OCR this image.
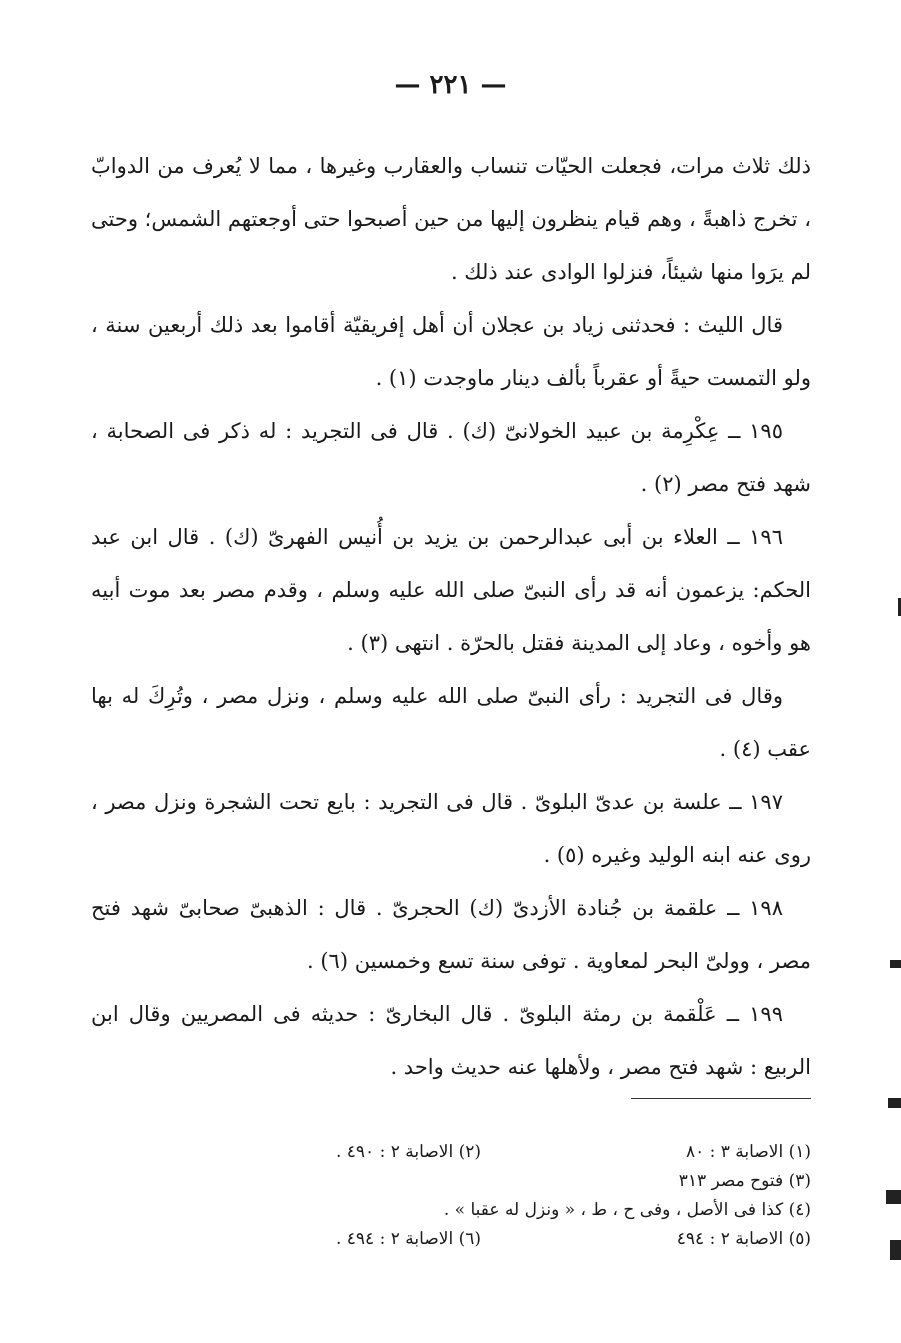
— ٢٢١ —

ذلك ثلاث مرات، فجعلت الحيّات تنساب والعقارب وغيرها ، مما لا يُعرف من الدوابّ ، تخرج ذاهبةً ، وهم قيام ينظرون إليها من حين أصبحوا حتى أوجعتهم الشمس؛ وحتى لم يرَوا منها شيئاً، فنزلوا الوادى عند ذلك .

قال الليث : فحدثنى زياد بن عجلان أن أهل إفريقيّة أقاموا بعد ذلك أربعين سنة ، ولو التمست حيةً أو عقرباً بألف دينار ماوجدت (١) .

١٩٥ ــ عِكْرِمة بن عبيد الخولانىّ (ك) . قال فى التجريد : له ذكر فى الصحابة ، شهد فتح مصر (٢) .

١٩٦ ــ العلاء بن أبى عبدالرحمن بن يزيد بن أُنيس الفهرىّ (ك) . قال ابن عبد الحكم: يزعمون أنه قد رأى النبىّ صلى الله عليه وسلم ، وقدم مصر بعد موت أبيه هو وأخوه ، وعاد إلى المدينة فقتل بالحرّة . انتهى (٣) .

وقال فى التجريد : رأى النبىّ صلى الله عليه وسلم ، ونزل مصر ، وتُرِكَ له بها عقب (٤) .

١٩٧ ــ علسة بن عدىّ البلوىّ . قال فى التجريد : بايع تحت الشجرة ونزل مصر ، روى عنه ابنه الوليد وغيره (٥) .

١٩٨ ــ علقمة بن جُنادة الأزدىّ (ك) الحجرىّ . قال : الذهبىّ صحابىّ شهد فتح مصر ، وولىّ البحر لمعاوية . توفى سنة تسع وخمسين (٦) .

١٩٩ ــ عَلْقمة بن رمثة البلوىّ . قال البخارىّ : حديثه فى المصريين وقال ابن الربيع : شهد فتح مصر ، ولأهلها عنه حديث واحد .

(١) الاصابة ٣ : ٨٠
(٢) الاصابة ٢ : ٤٩٠ .
(٣) فتوح مصر ٣١٣
(٤) كذا فى الأصل ، وفى ح ، ط ، « ونزل له عقبا » .
(٥) الاصابة ٢ : ٤٩٤
(٦) الاصابة ٢ : ٤٩٤ .
